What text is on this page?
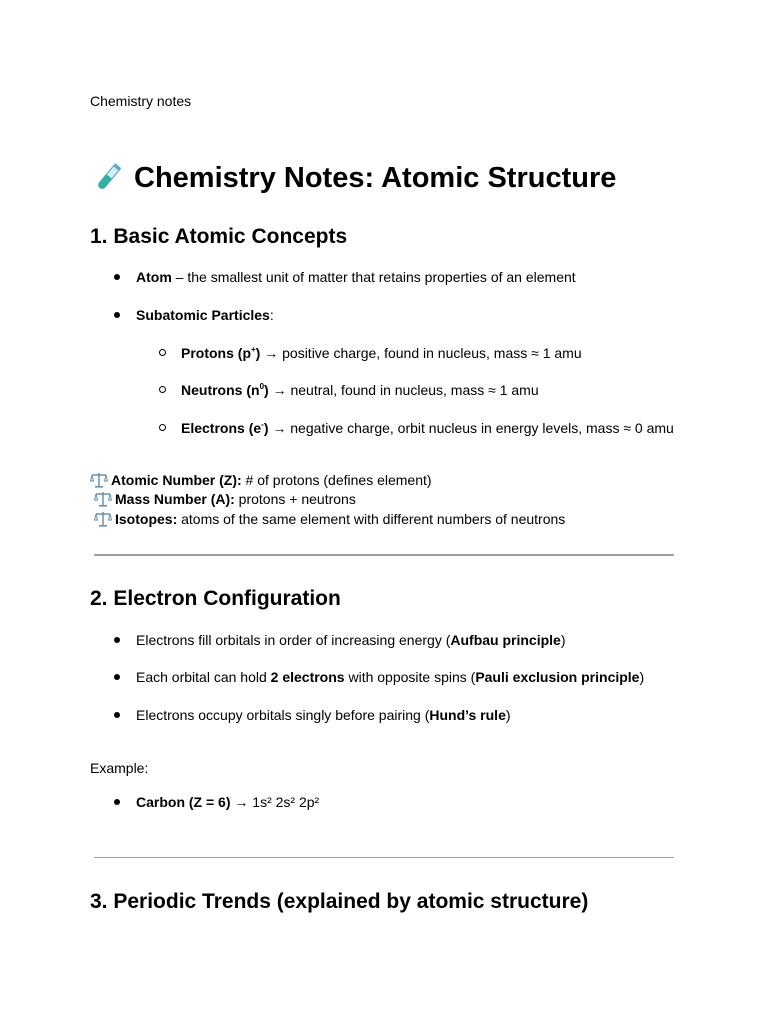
Chemistry notes
Chemistry Notes: Atomic Structure
1. Basic Atomic Concepts
Atom – the smallest unit of matter that retains properties of an element
Subatomic Particles:
Protons (p+) → positive charge, found in nucleus, mass ≈ 1 amu
Neutrons $(n^0)$ → neutral, found in nucleus, mass ≈ 1 amu
Electrons (e-) → negative charge, orbit nucleus in energy levels, mass ≈ 0 amu
Atomic Number (Z): # of protons (defines element)
Mass Number (A): protons + neutrons
Isotopes: atoms of the same element with different numbers of neutrons
2. Electron Configuration
Electrons fill orbitals in order of increasing energy (Aufbau principle)
Each orbital can hold 2 electrons with opposite spins (Pauli exclusion principle)
Electrons occupy orbitals singly before pairing (Hund’s rule)
Example:
Carbon (Z = 6) → 1s² 2s² 2p²
3. Periodic Trends (explained by atomic structure)
